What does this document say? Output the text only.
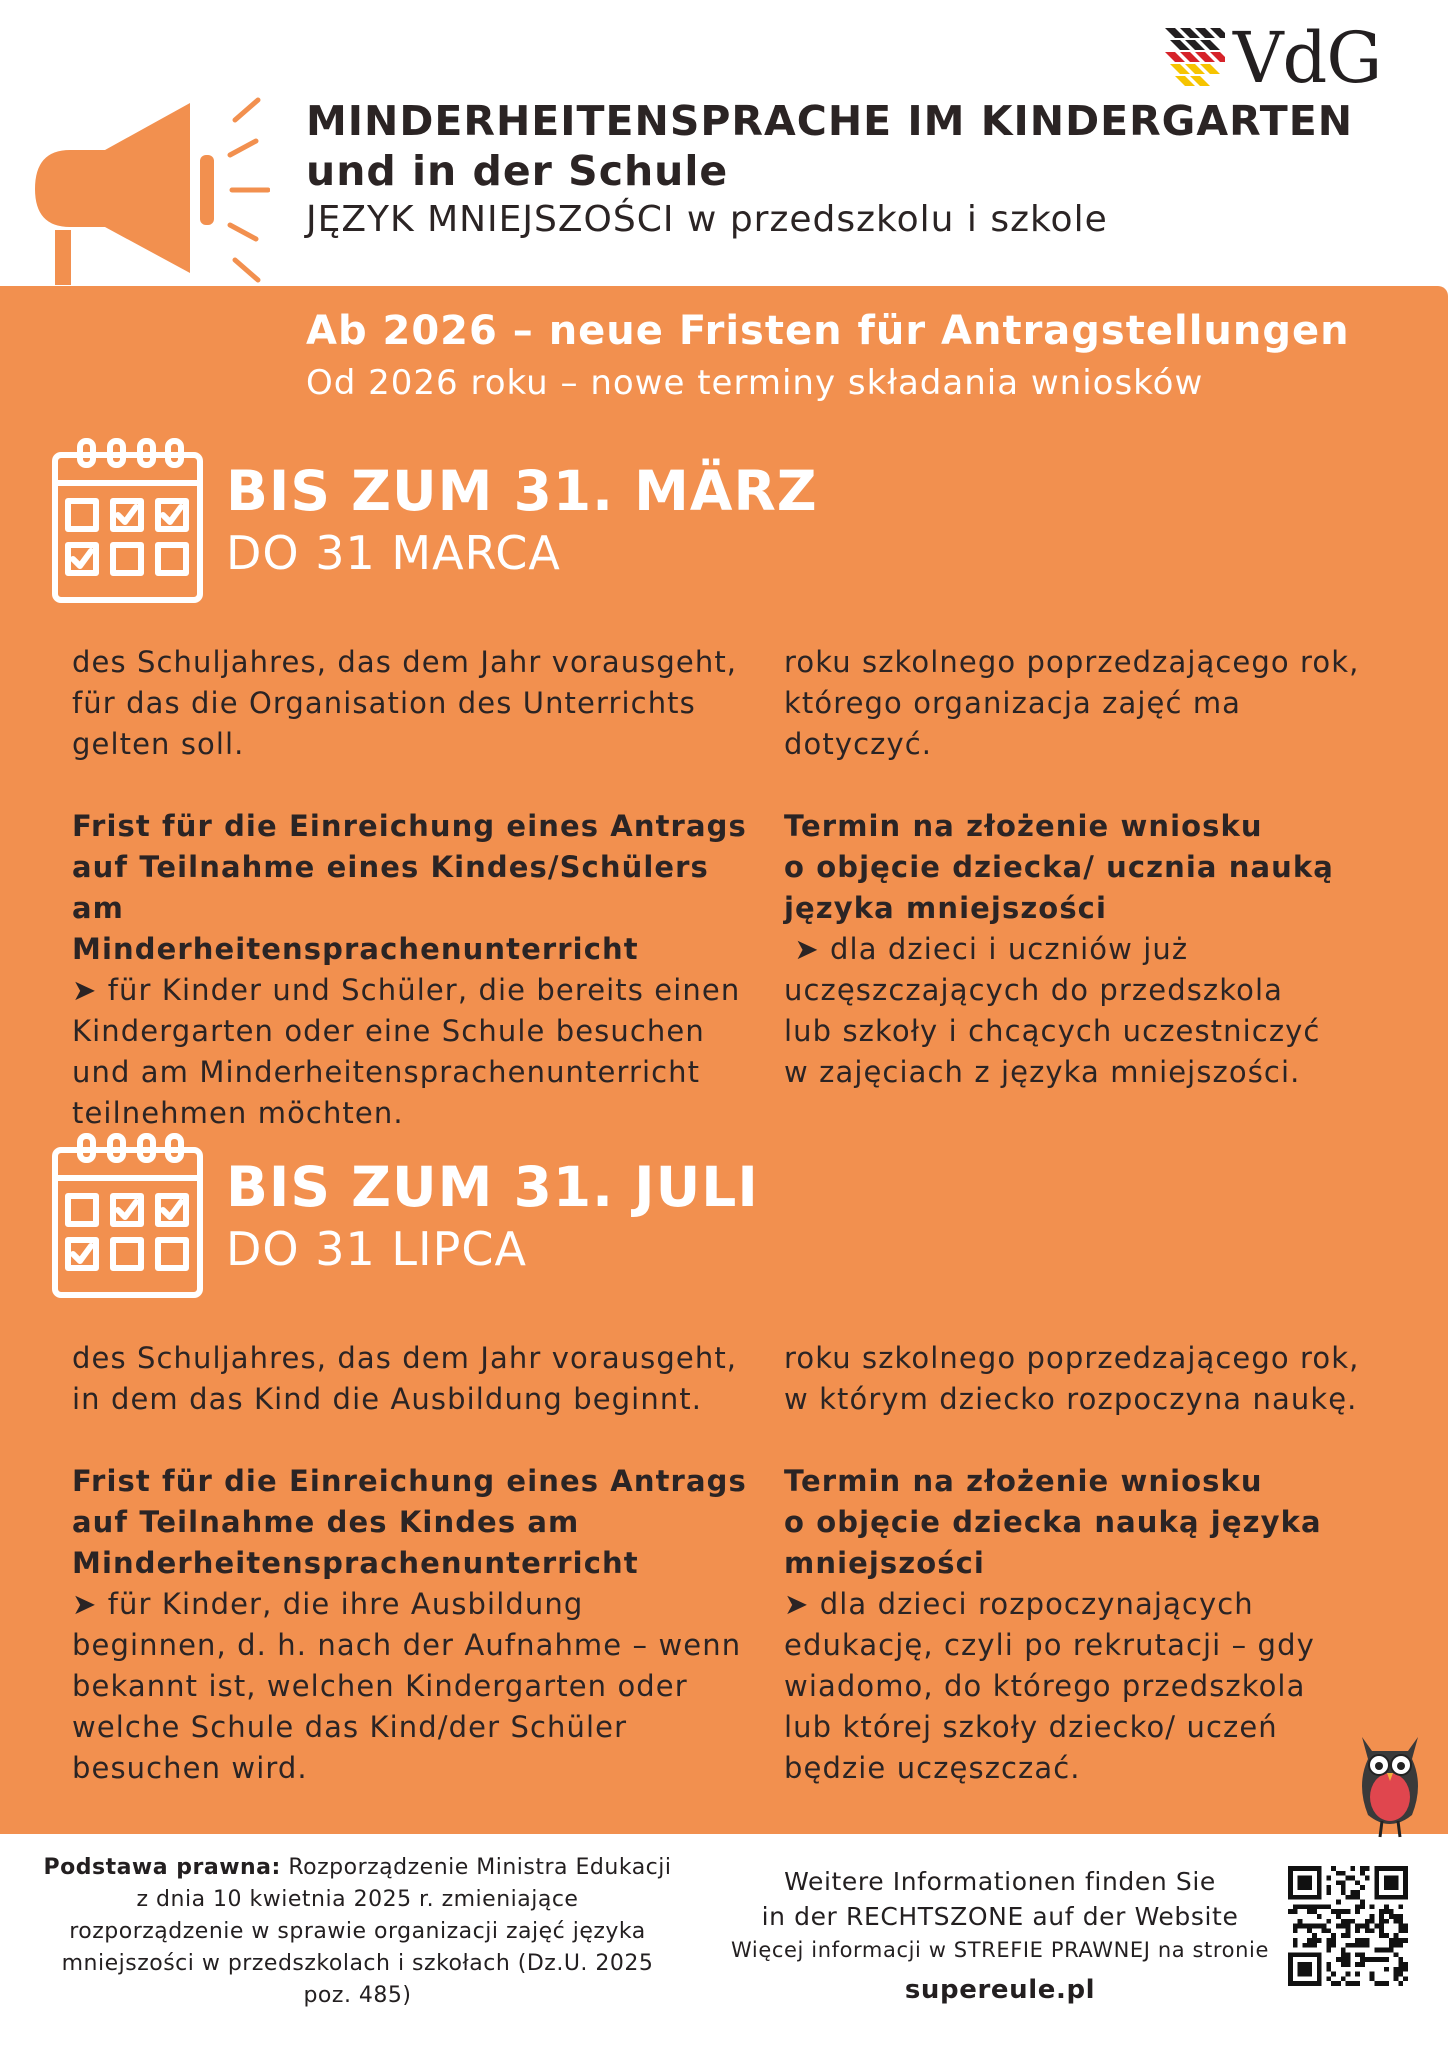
VdG
MINDERHEITENSPRACHE IM KINDERGARTEN
und in der Schule
JĘZYK MNIEJSZOŚCI w przedszkolu i szkole
Ab 2026 – neue Fristen für Antragstellungen
Od 2026 roku – nowe terminy składania wniosków
BIS ZUM 31. MÄRZ
DO 31 MARCA

des Schuljahres, das dem Jahr vorausgeht,

für das die Organisation des Unterrichts

gelten soll.

Frist für die Einreichung eines Antrags

auf Teilnahme eines Kindes/Schülers am

Minderheitensprachenunterricht

➤ für Kinder und Schüler, die bereits einen

Kindergarten oder eine Schule besuchen

und am Minderheitensprachenunterricht

teilnehmen möchten.

roku szkolnego poprzedzającego rok,

którego organizacja zajęć ma

dotyczyć.

Termin na złożenie wniosku

o objęcie dziecka/ ucznia nauką

języka mniejszości

➤ dla dzieci i uczniów już

uczęszczających do przedszkola

lub szkoły i chcących uczestniczyć

w zajęciach z języka mniejszości.

BIS ZUM 31. JULI
DO 31 LIPCA

des Schuljahres, das dem Jahr vorausgeht,

in dem das Kind die Ausbildung beginnt.

Frist für die Einreichung eines Antrags

auf Teilnahme des Kindes am

Minderheitensprachenunterricht

➤ für Kinder, die ihre Ausbildung

beginnen, d. h. nach der Aufnahme – wenn

bekannt ist, welchen Kindergarten oder

welche Schule das Kind/der Schüler

besuchen wird.

roku szkolnego poprzedzającego rok,

w którym dziecko rozpoczyna naukę.

Termin na złożenie wniosku

o objęcie dziecka nauką języka

mniejszości

➤ dla dzieci rozpoczynających

edukację, czyli po rekrutacji – gdy

wiadomo, do którego przedszkola

lub której szkoły dziecko/ uczeń

będzie uczęszczać.

Podstawa prawna: Rozporządzenie Ministra Edukacji
z dnia 10 kwietnia 2025 r. zmieniające
rozporządzenie w sprawie organizacji zajęć języka
mniejszości w przedszkolach i szkołach (Dz.U. 2025
poz. 485)
Weitere Informationen finden Sie
in der RECHTSZONE auf der Website
Więcej informacji w STREFIE PRAWNEJ na stronie
supereule.pl
